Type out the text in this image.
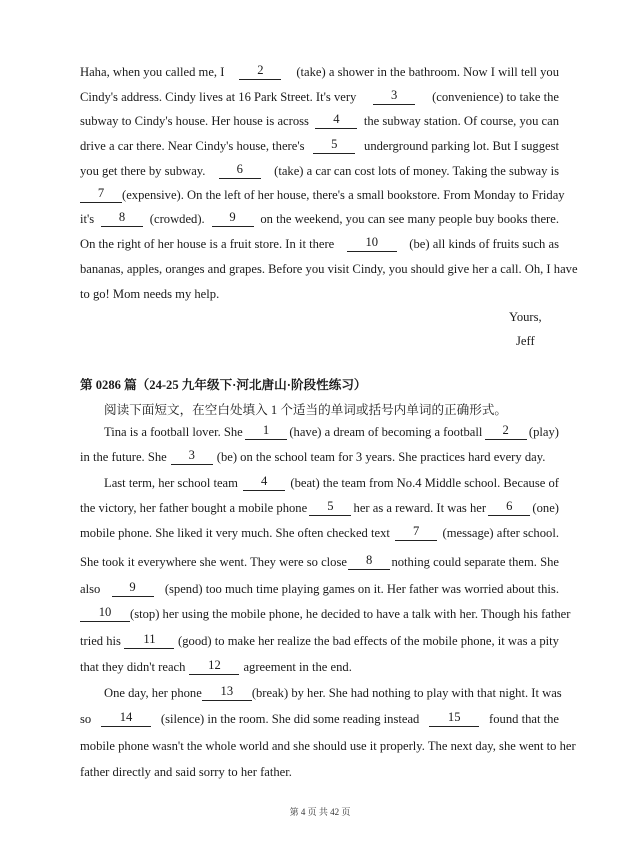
Yours,
Jeff
第 0286 篇（24-25 九年级下·河北唐山·阶段性练习）
阅读下面短文，在空白处填入 1 个适当的单词或括号内单词的正确形式。
第 4 页 共 42 页
Haha, when you called me, I	2	(take) a shower in the bathroom. Now I will tell you
Cindy's address. Cindy lives at 16 Park Street. It's very	3	(convenience) to take the
subway to Cindy's house. Her house is across	4	the subway station. Of course, you can
drive a car there. Near Cindy's house, there's	5	underground parking lot. But I suggest
you get there by subway.	6	(take) a car can cost lots of money. Taking the subway is
7	(expensive). On the left of her house, there's a small bookstore. From Monday to Friday
it's	8	(crowded).	9	on the weekend, you can see many people buy books there.
On the right of her house is a fruit store. In it there	10	(be) all kinds of fruits such as
bananas, apples, oranges and grapes. Before you visit Cindy, you should give her a call. Oh, I have
to go! Mom needs my help.
Tina is a football lover. She	1	(have) a dream of becoming a football	2	(play)
in the future. She	3	(be) on the school team for 3 years. She practices hard every day.
Last term, her school team	4	(beat) the team from No.4 Middle school. Because of
the victory, her father bought a mobile phone	5	her as a reward. It was her	6	(one)
mobile phone. She liked it very much. She often checked text	7	(message) after school.
She took it everywhere she went. They were so close	8	nothing could separate them. She
also	9	(spend) too much time playing games on it. Her father was worried about this.
10	(stop) her using the mobile phone, he decided to have a talk with her. Though his father
tried his	11	(good) to make her realize the bad effects of the mobile phone, it was a pity
that they didn't reach	12	agreement in the end.
One day, her phone	13	(break) by her. She had nothing to play with that night. It was
so	14	(silence) in the room. She did some reading instead	15	found that the
mobile phone wasn't the whole world and she should use it properly. The next day, she went to her
father directly and said sorry to her father.
